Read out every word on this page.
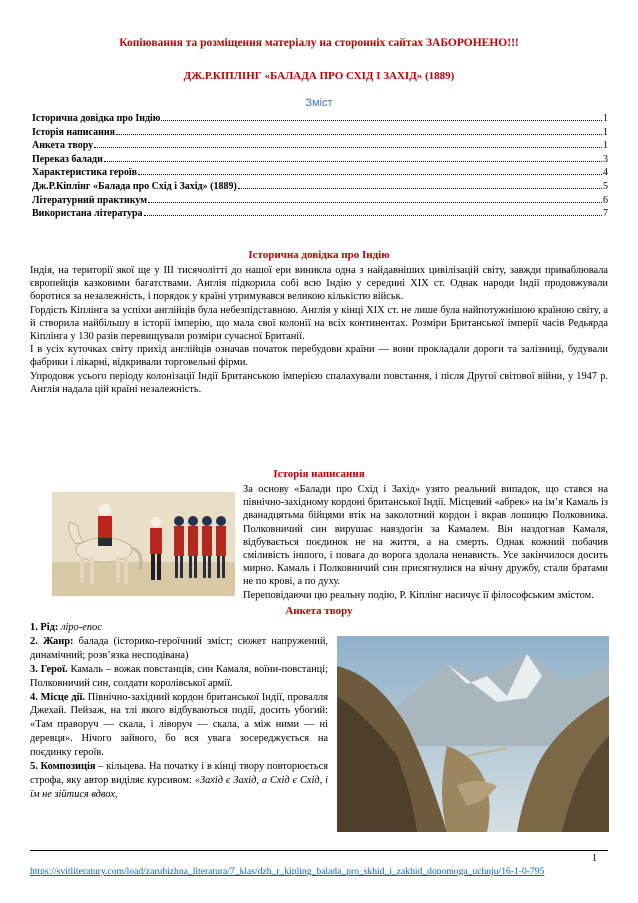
Копіювання та розміщення матеріалу на сторонніх сайтах ЗАБОРОНЕНО!!!
ДЖ.Р.КІПЛІНГ «БАЛАДА ПРО СХІД І ЗАХІД» (1889)
Зміст
Історична довідка про Індію	1
Історія написання	1
Анкета твору	1
Переказ балади	3
Характеристика героїв	4
Дж.Р.Кіплінг «Балада про Схід і Захід» (1889)	5
Літературний практикум	6
Використана література	7
Історична довідка про Індію

Індія, на території якої ще у III тисячолітті до нашої ери виникла одна з найдавніших цивілізацій світу, завжди приваблювала європейців казковими багатствами. Англія підкорила собі всю Індію у середині XIX ст. Однак народи Індії продовжували боротися за незалежність, і порядок у країні утримувався великою кількістю військ.

Гордість Кіплінга за успіхи англійців була небезпідставною. Англія у кінці XIX ст. не лише була найпотужнішою країною світу, а й створила найбільшу в історії імперію, що мала свої колонії на всіх континентах. Розміри Британської імперії часів Редьярда Кіплінга у 130 разів перевищували розміри сучасної Британії.

І в усіх куточках світу прихід англійців означав початок перебудови країни — вони прокладали дороги та залізниці, будували фабрики і лікарні, відкривали торговельні фірми.

Упродовж усього періоду колонізації Індії Британською імперією спалахували повстання, і після Другої світової війни, у 1947 р. Англія надала цій країні незалежність.

Історія написання

За основу «Балади про Схід і Захід» узято реальний випадок, що стався на північно-західному кордоні британської Індії. Місцевий «абрек» на ім’я Камаль із дванадцятьма бійцями втік на заколотний кордон і вкрав лошицю Полковника. Полковничий син вирушає навздогін за Камалем. Він наздогнав Камаля, відбувається поєдинок не на життя, а на смерть. Однак кожний побачив сміливість іншого, і повага до ворога здолала ненависть. Усе закінчилося досить мирно. Камаль і Полковничий син присягнулися на вічну дружбу, стали братами не по крові, а по духу.

Переповідаючи цю реальну подію, Р. Кіплінг насичує її філософським змістом.

Анкета твору

1. Рід: ліро-епос

2. Жанр: балада (історико-героїчний зміст; сюжет напружений, динамічний; розв’язка несподівана)

3. Герої. Камаль – вожак повстанців, син Камаля, воїни-повстанці; Полковничий син, солдати королівської армії.

4. Місце дії. Північно-західний кордон британської Індії, провалля Джехай. Пейзаж, на тлі якого відбуваються події, досить убогий: «Там праворуч — скала, і ліворуч — скала, а між ними — ні деревця». Нічого зайвого, бо вся увага зосереджується на поєдинку героїв.

5. Композиція – кільцева. На початку і в кінці твору повторюється строфа, яку автор виділяє курсивом: «Захід є Захід, а Схід є Схід, і їм не зійтися вдвох,

1
https://svitliteratury.com/load/zarubizhna_literatura/7_klas/dzh_r_kipling_balada_pro_skhid_i_zakhid_dopomoga_uchnju/16-1-0-795
